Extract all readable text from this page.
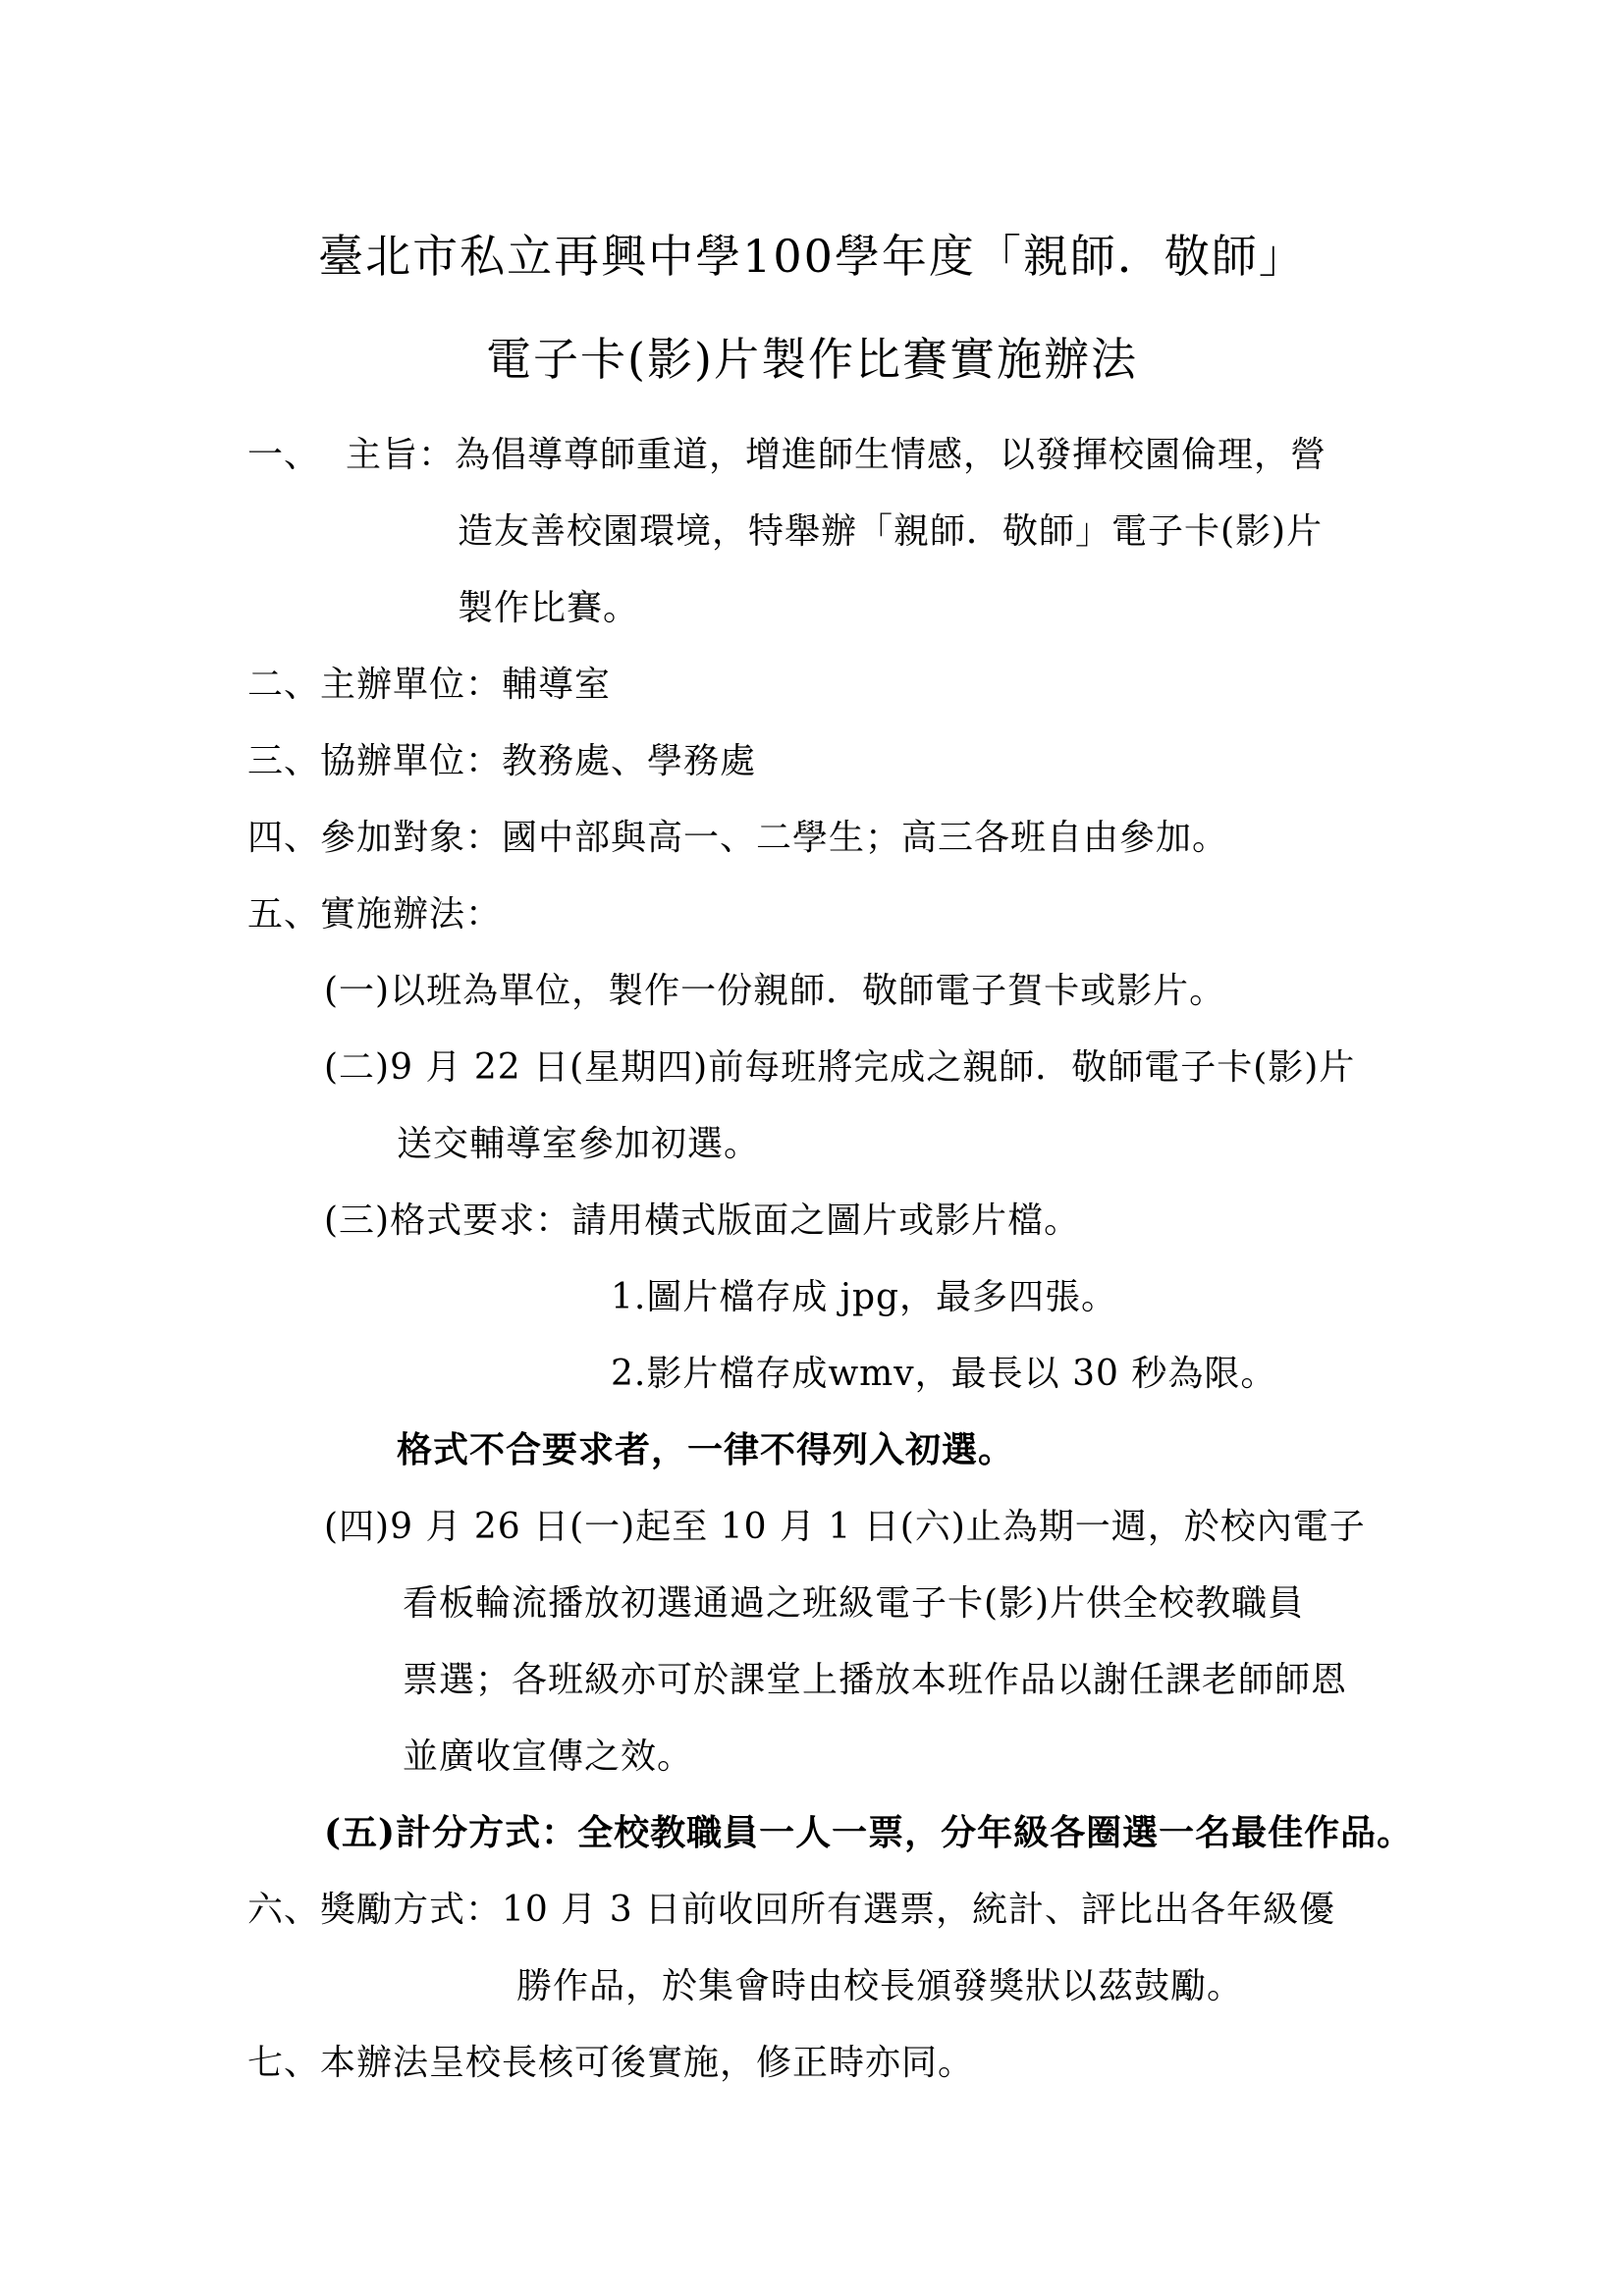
臺北市私立再興中學100學年度「親師．敬師」
電子卡(影)片製作比賽實施辦法
一、 主旨：為倡導尊師重道，增進師生情感，以發揮校園倫理，營
造友善校園環境，特舉辦「親師．敬師」電子卡(影)片
製作比賽。
二、主辦單位：輔導室
三、協辦單位：教務處、學務處
四、參加對象：國中部與高一、二學生；高三各班自由參加。
五、實施辦法：
(一)以班為單位，製作一份親師．敬師電子賀卡或影片。
(二)9 月 22 日(星期四)前每班將完成之親師．敬師電子卡(影)片
送交輔導室參加初選。
(三)格式要求：請用橫式版面之圖片或影片檔。
1.圖片檔存成 jpg，最多四張。
2.影片檔存成wmv，最長以 30 秒為限。
格式不合要求者，一律不得列入初選。
(四)9 月 26 日(一)起至 10 月 1 日(六)止為期一週，於校內電子
看板輪流播放初選通過之班級電子卡(影)片供全校教職員
票選；各班級亦可於課堂上播放本班作品以謝任課老師師恩
並廣收宣傳之效。
(五)計分方式：全校教職員一人一票，分年級各圈選一名最佳作品。
六、獎勵方式：10 月 3 日前收回所有選票，統計、評比出各年級優
勝作品，於集會時由校長頒發獎狀以茲鼓勵。
七、本辦法呈校長核可後實施，修正時亦同。
